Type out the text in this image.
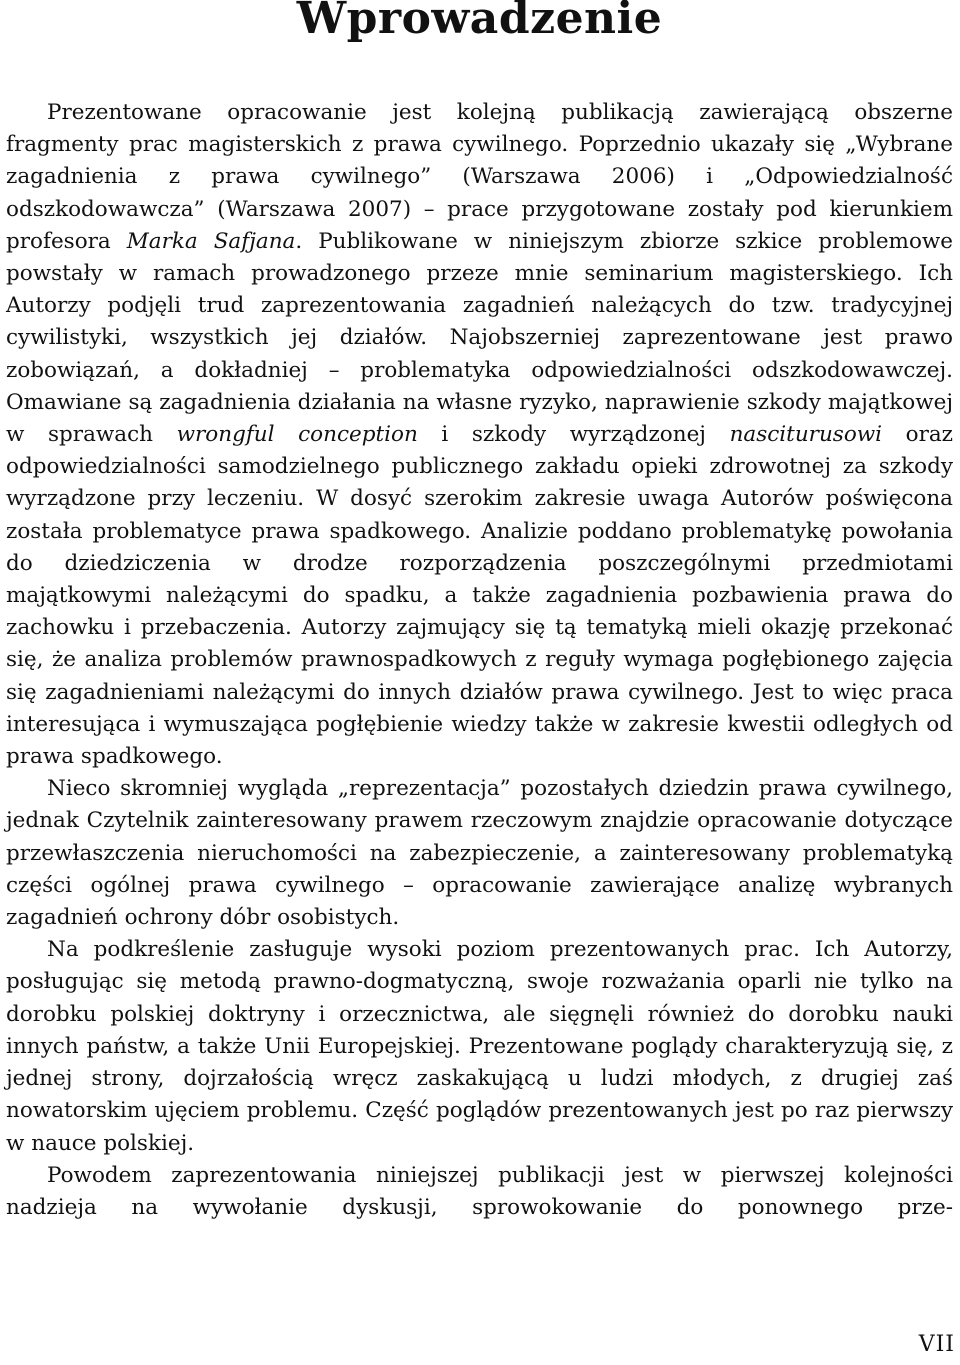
Wprowadzenie

Prezentowane opracowanie jest kolejną publikacją zawierającą obszerne fragmenty prac magisterskich z prawa cywilnego. Poprzednio ukazały się „Wybrane zagadnienia z prawa cywilnego” (Warszawa 2006) i „Odpowiedzialność odszkodowawcza” (Warszawa 2007) – prace przygotowane zostały pod kierunkiem profesora Marka Safjana. Publikowane w niniejszym zbiorze szkice problemowe powstały w ramach prowadzonego przeze mnie seminarium magisterskiego. Ich Autorzy podjęli trud zaprezentowania zagadnień należących do tzw. tradycyjnej cywilistyki, wszystkich jej działów. Najobszerniej zaprezentowane jest prawo zobowiązań, a dokładniej – problematyka odpowiedzialności odszkodowawczej. Omawiane są zagadnienia działania na własne ryzyko, naprawienie szkody majątkowej w sprawach wrongful conception i szkody wyrządzonej nasciturusowi oraz odpowiedzialności samodzielnego publicznego zakładu opieki zdrowotnej za szkody wyrządzone przy leczeniu. W dosyć szerokim zakresie uwaga Autorów poświęcona została problematyce prawa spadkowego. Analizie poddano problematykę powołania do dziedziczenia w drodze rozporządzenia poszczególnymi przedmiotami majątkowymi należącymi do spadku, a także zagadnienia pozbawienia prawa do zachowku i przebaczenia. Autorzy zajmujący się tą tematyką mieli okazję przekonać się, że analiza problemów prawnospadkowych z reguły wymaga pogłębionego zajęcia się zagadnieniami należącymi do innych działów prawa cywilnego. Jest to więc praca interesująca i wymuszająca pogłębienie wiedzy także w zakresie kwestii odległych od prawa spadkowego.

Nieco skromniej wygląda „reprezentacja” pozostałych dziedzin prawa cywilnego, jednak Czytelnik zainteresowany prawem rzeczowym znajdzie opracowanie dotyczące przewłaszczenia nieruchomości na zabezpieczenie, a zainteresowany problematyką części ogólnej prawa cywilnego – opracowanie zawierające analizę wybranych zagadnień ochrony dóbr osobistych.

Na podkreślenie zasługuje wysoki poziom prezentowanych prac. Ich Autorzy, posługując się metodą prawno-dogmatyczną, swoje rozważania oparli nie tylko na dorobku polskiej doktryny i orzecznictwa, ale sięgnęli również do dorobku nauki innych państw, a także Unii Europejskiej. Prezentowane poglądy charakteryzują się, z jednej strony, dojrzałością wręcz zaskakującą u ludzi młodych, z drugiej zaś nowatorskim ujęciem problemu. Część poglądów prezentowanych jest po raz pierwszy w nauce polskiej.

Powodem zaprezentowania niniejszej publikacji jest w pierwszej kolejności nadzieja na wywołanie dyskusji, sprowokowanie do ponownego prze-

VII
